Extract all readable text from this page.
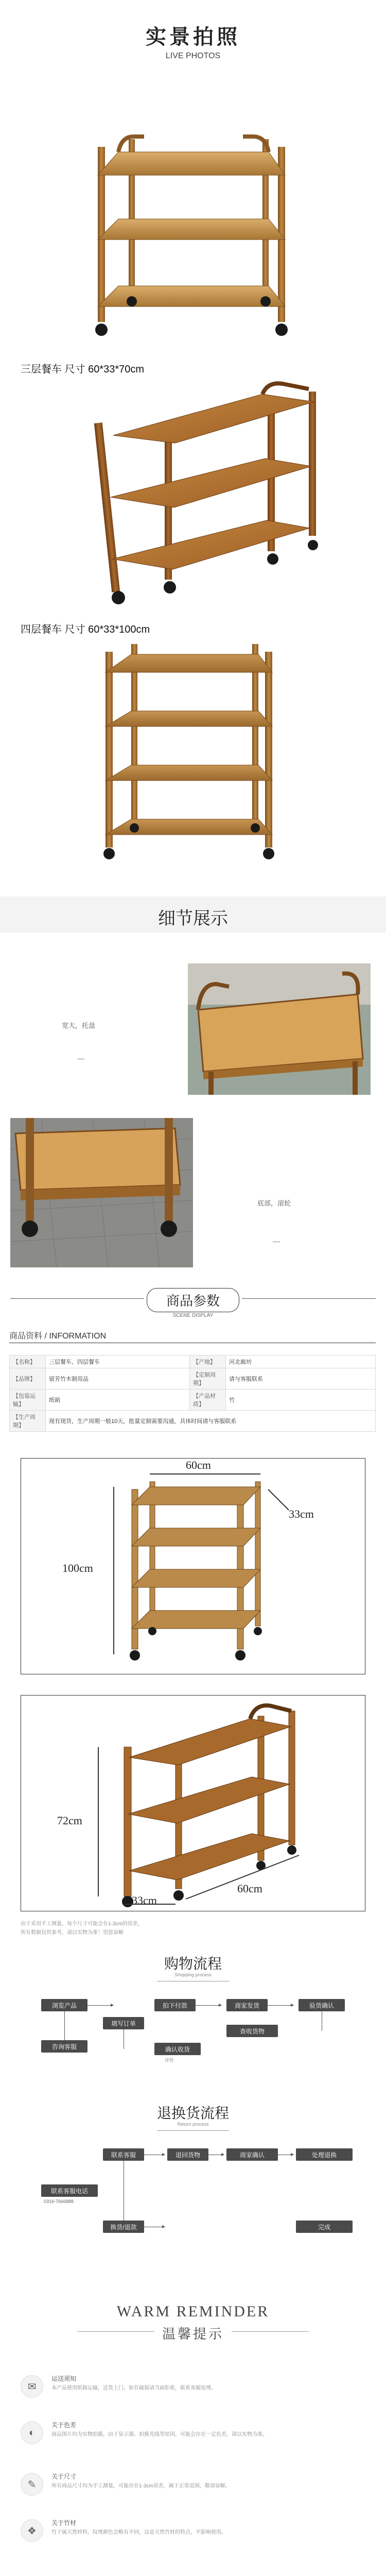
实景拍照
LIVE PHOTOS
三层餐车 尺寸 60*33*70cm
四层餐车 尺寸 60*33*100cm
细节展示
宽大，托盘
底部，滚轮
商品参数
SCENE DISPLAY
商品资料 / INFORMATION
【名称】	三层餐车、四层餐车	【产地】	河北廊坊
【品牌】	留芳竹木制用品	【定制周期】	请与客服联系
【包装运输】	纸箱	【产品材质】	竹
【生产周期】	现有现货，生产周期一般10天，批量定制需要沟通，具体时间请与客服联系		
60cm
100cm
33cm
72cm
60cm
33cm
由于采用手工测量，每个尺寸可能会有1-3cm的误差，
所有数据仅供参考，请以实物为准！望您谅解
购物流程
Shopping process
浏览产品	拍下付款	商家发货	验货确认
咨询客服
填写订单
查收货物
确认收货
评价
退换货流程
Return process
联系客服	退回货物	商家确认	处理退换
联系客服电话
0316-7666888
换货/退款	完成
WARM REMINDER
温馨提示
✉
运送须知
本产品使用纸箱运输，送货上门，如有破损请当面拒收，联系客服处理。
◐
关于色差
商品图片均为实物拍摄，由于显示器、拍摄光线等原因，可能会存在一定色差，请以实物为准。
✎
关于尺寸
所有商品尺寸均为手工测量，可能存在1-3cm误差，属于正常范围，敬请谅解。
❖
关于竹材
竹子属天然材料，纹理颜色会略有不同，这是天然竹材的特点，不影响使用。
